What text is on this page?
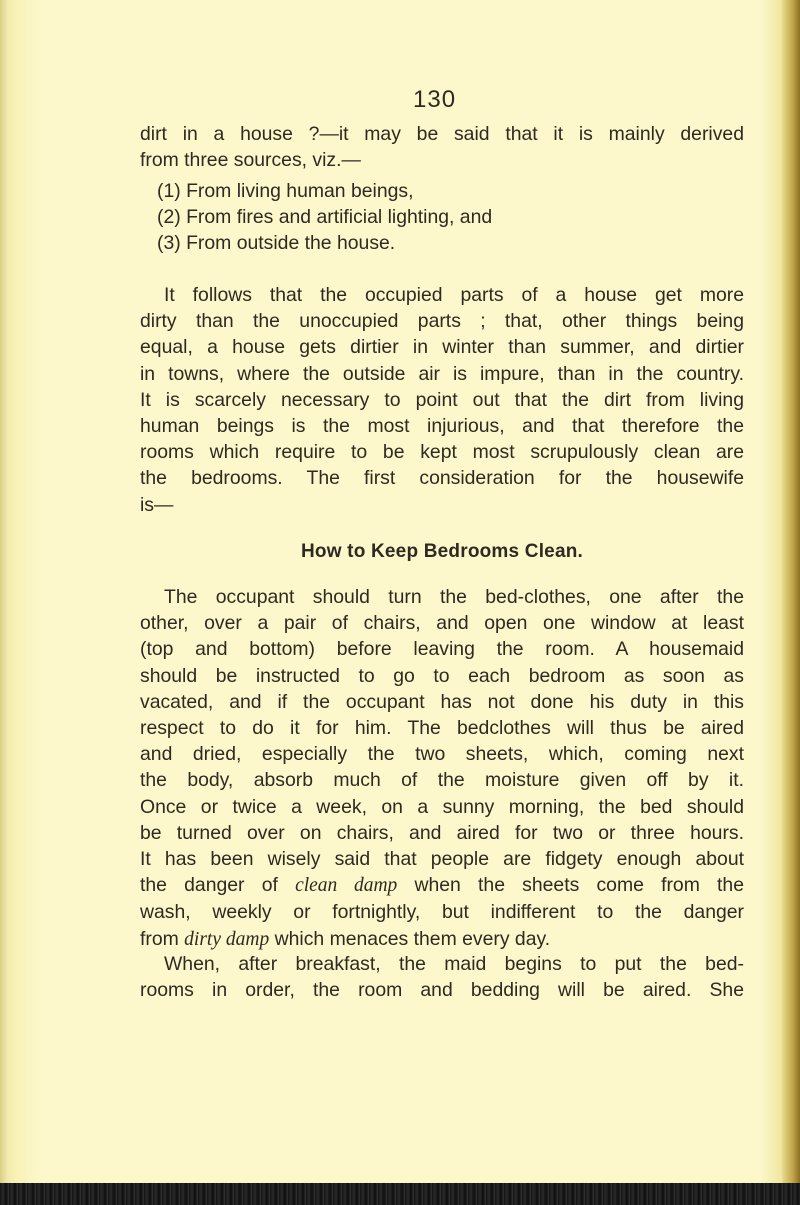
130
dirt in a house ?—it may be said that it is mainly derived
from three sources, viz.—
(1) From living human beings,
(2) From fires and artificial lighting, and
(3) From outside the house.
It follows that the occupied parts of a house get more
dirty than the unoccupied parts ; that, other things being
equal, a house gets dirtier in winter than summer, and dirtier
in towns, where the outside air is impure, than in the country.
It is scarcely necessary to point out that the dirt from living
human beings is the most injurious, and that therefore the
rooms which require to be kept most scrupulously clean are
the bedrooms. The first consideration for the housewife
is—
How to Keep Bedrooms Clean.
The occupant should turn the bed-clothes, one after the
other, over a pair of chairs, and open one window at least
(top and bottom) before leaving the room. A housemaid
should be instructed to go to each bedroom as soon as
vacated, and if the occupant has not done his duty in this
respect to do it for him. The bedclothes will thus be aired
and dried, especially the two sheets, which, coming next
the body, absorb much of the moisture given off by it.
Once or twice a week, on a sunny morning, the bed should
be turned over on chairs, and aired for two or three hours.
It has been wisely said that people are fidgety enough about
the danger of clean damp when the sheets come from the
wash, weekly or fortnightly, but indifferent to the danger
from dirty damp which menaces them every day.
When, after breakfast, the maid begins to put the bed-
rooms in order, the room and bedding will be aired. She
